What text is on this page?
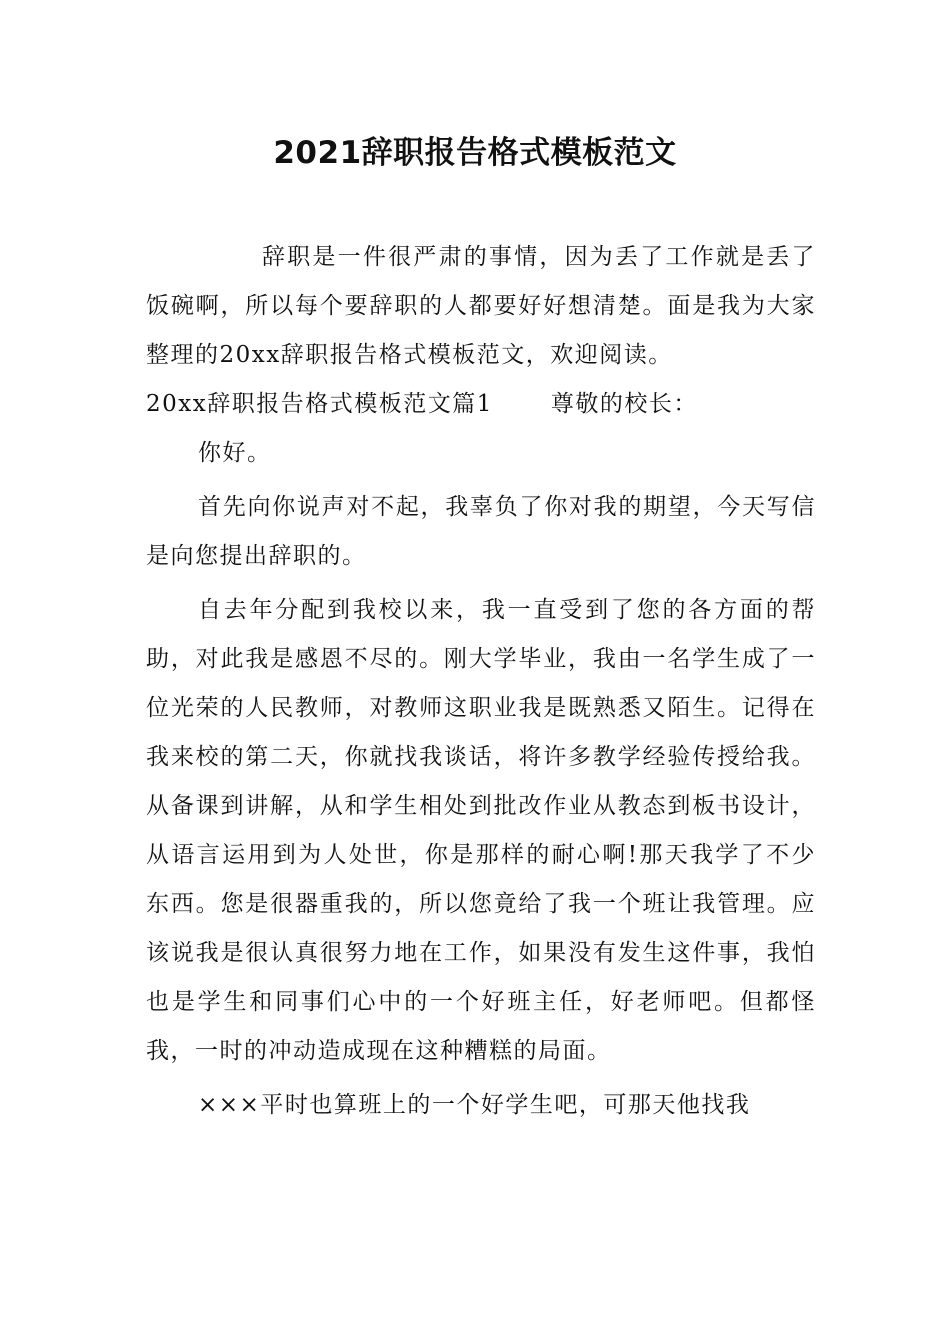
2021辞职报告格式模板范文

辞职是一件很严肃的事情，因为丢了工作就是丢了饭碗啊，所以每个要辞职的人都要好好想清楚。面是我为大家整理的20xx辞职报告格式模板范文，欢迎阅读。

20xx辞职报告格式模板范文篇1	尊敬的校长：

你好。

首先向你说声对不起，我辜负了你对我的期望，今天写信是向您提出辞职的。

自去年分配到我校以来，我一直受到了您的各方面的帮助，对此我是感恩不尽的。刚大学毕业，我由一名学生成了一位光荣的人民教师，对教师这职业我是既熟悉又陌生。记得在我来校的第二天，你就找我谈话，将许多教学经验传授给我。从备课到讲解，从和学生相处到批改作业从教态到板书设计，从语言运用到为人处世，你是那样的耐心啊!那天我学了不少东西。您是很器重我的，所以您竟给了我一个班让我管理。应该说我是很认真很努力地在工作，如果没有发生这件事，我怕也是学生和同事们心中的一个好班主任，好老师吧。但都怪我，一时的冲动造成现在这种糟糕的局面。

×××平时也算班上的一个好学生吧，可那天他找我
